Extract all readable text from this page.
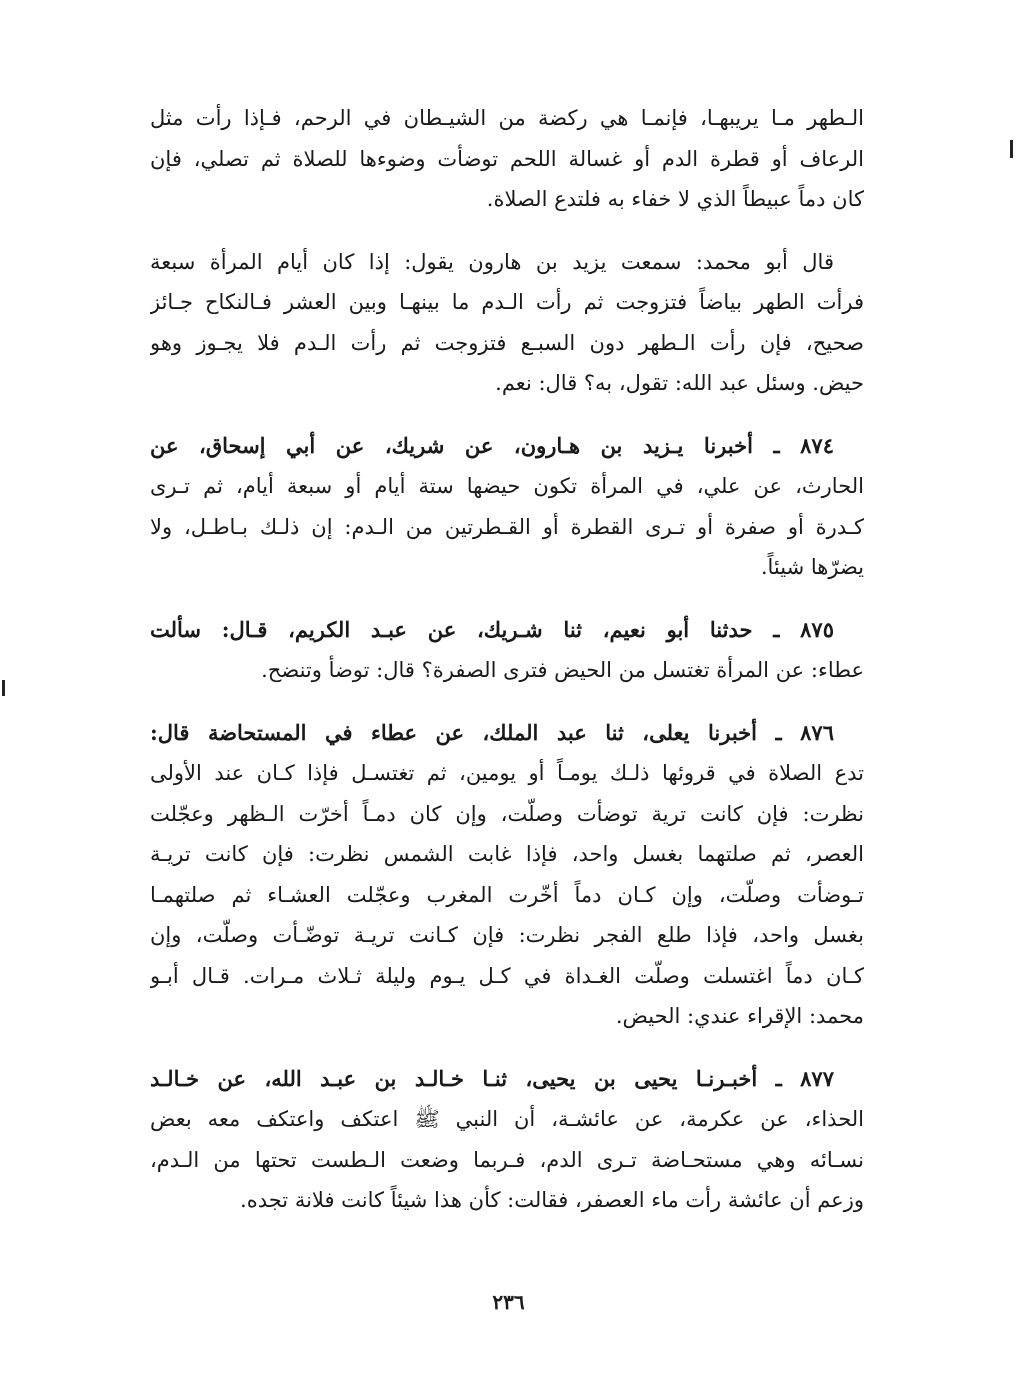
الـطهر مـا يريبهـا، فإنمـا هي ركضة من الشيـطان في الرحم، فـإذا رأت مثل
الرعاف أو قطرة الدم أو غسالة اللحم توضأت وضوءها للصلاة ثم تصلي، فإن
كان دماً عبيطاً الذي لا خفاء به فلتدع الصلاة.

قال أبو محمد: سمعت يزيد بن هارون يقول: إذا كان أيام المرأة سبعة
فرأت الطهر بياضاً فتزوجت ثم رأت الـدم ما بينهـا وبين العشر فـالنكاح جـائز
صحيح، فإن رأت الـطهر دون السبـع فتزوجت ثم رأت الـدم فلا يجـوز وهو
حيض. وسئل عبد الله: تقول، به؟ قال: نعم.

٨٧٤ ـ أخبرنا يـزيد بن هـارون، عن شريك، عن أبي إسحاق، عن
الحارث، عن علي، في المرأة تكون حيضها ستة أيام أو سبعة أيام، ثم تـرى
كـدرة أو صفرة أو تـرى القطرة أو القـطرتين من الـدم: إن ذلـك بـاطـل، ولا
يضرّها شيئاً.

٨٧٥ ـ حدثنا أبو نعيم، ثنا شـريك، عن عبـد الكريم، قـال: سألت
عطاء: عن المرأة تغتسل من الحيض فترى الصفرة؟ قال: توضأ وتنضح.

٨٧٦ ـ أخبرنا يعلى، ثنا عبد الملك، عن عطاء في المستحاضة قال:
تدع الصلاة في قروئها ذلـك يومـاً أو يومين، ثم تغتسـل فإذا كـان عند الأولى
نظرت: فإن كانت ترية توضأت وصلّت، وإن كان دمـاً أخرّت الـظهر وعجّلت
العصر، ثم صلتهما بغسل واحد، فإذا غابت الشمس نظرت: فإن كانت تريـة
تـوضأت وصلّت، وإن كـان دماً أخّرت المغرب وعجّلت العشـاء ثم صلتهمـا
بغسل واحد، فإذا طلع الفجر نظرت: فإن كـانت تريـة توضّـأت وصلّت، وإن
كـان دماً اغتسلت وصلّت الغـداة في كـل يـوم وليلة ثـلاث مـرات. قـال أبـو
محمد: الإقراء عندي: الحيض.

٨٧٧ ـ أخبـرنـا يحيى بن يحيى، ثنـا خـالـد بن عبـد الله، عن خـالـد
الحذاء، عن عكرمة، عن عائشـة، أن النبي ﷺ اعتكف واعتكف معه بعض
نسـائه وهي مستحـاضة تـرى الدم، فـربما وضعت الـطست تحتها من الـدم،
وزعم أن عائشة رأت ماء العصفر، فقالت: كأن هذا شيئاً كانت فلانة تجده.

٢٣٦
